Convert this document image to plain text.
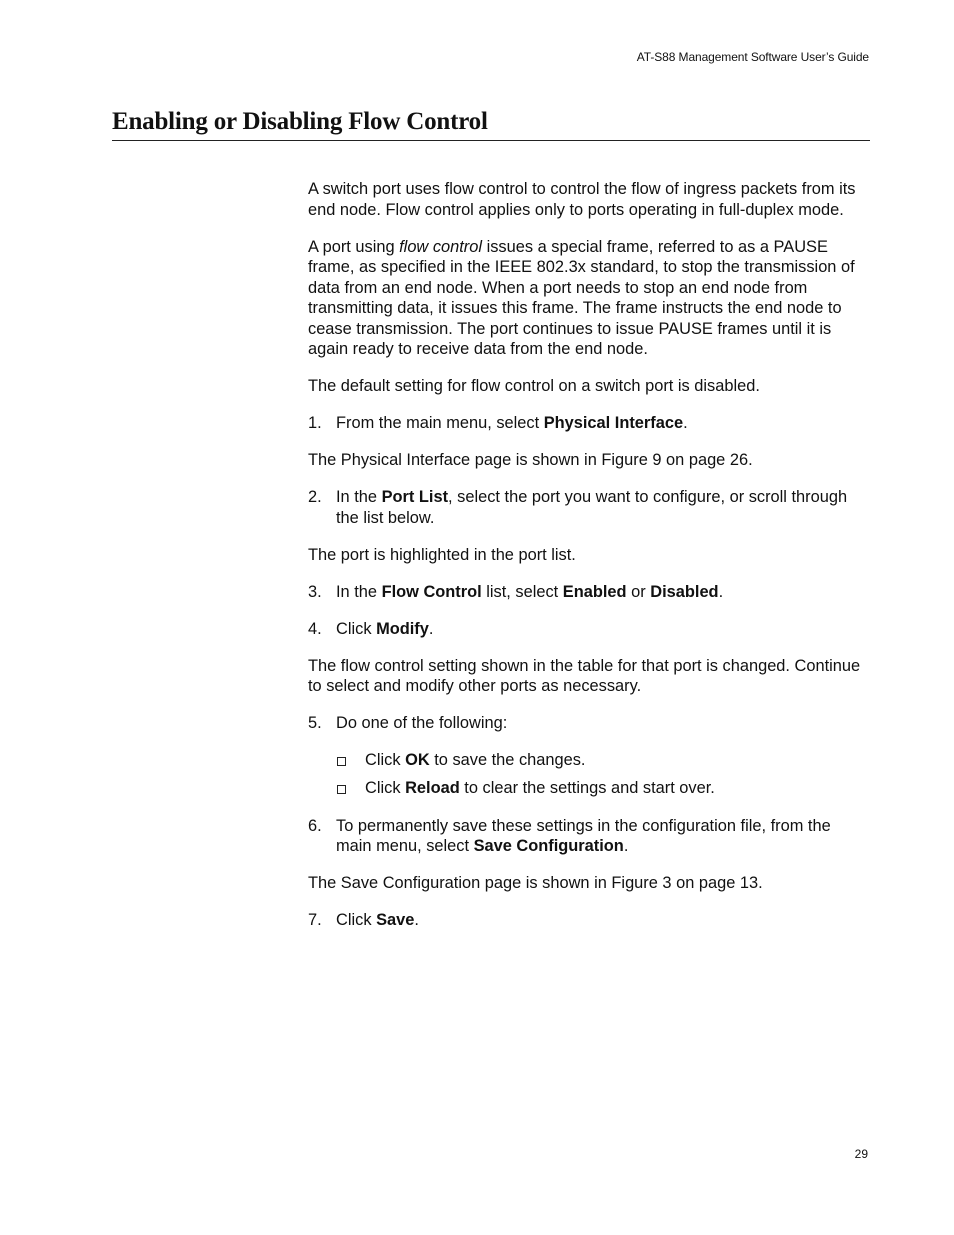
AT-S88 Management Software User’s Guide
Enabling or Disabling Flow Control

A switch port uses flow control to control the flow of ingress packets from its end node. Flow control applies only to ports operating in full-duplex mode.

A port using flow control issues a special frame, referred to as a PAUSE frame, as specified in the IEEE 802.3x standard, to stop the transmission of data from an end node. When a port needs to stop an end node from transmitting data, it issues this frame. The frame instructs the end node to cease transmission. The port continues to issue PAUSE frames until it is again ready to receive data from the end node.

The default setting for flow control on a switch port is disabled.

1. From the main menu, select Physical Interface.

The Physical Interface page is shown in Figure 9 on page 26.

2. In the Port List, select the port you want to configure, or scroll through the list below.

The port is highlighted in the port list.

3. In the Flow Control list, select Enabled or Disabled.
4. Click Modify.

The flow control setting shown in the table for that port is changed. Continue to select and modify other ports as necessary.

5. Do one of the following:
Click OK to save the changes.
Click Reload to clear the settings and start over.
6. To permanently save these settings in the configuration file, from the main menu, select Save Configuration.

The Save Configuration page is shown in Figure 3 on page 13.

7. Click Save.
29
